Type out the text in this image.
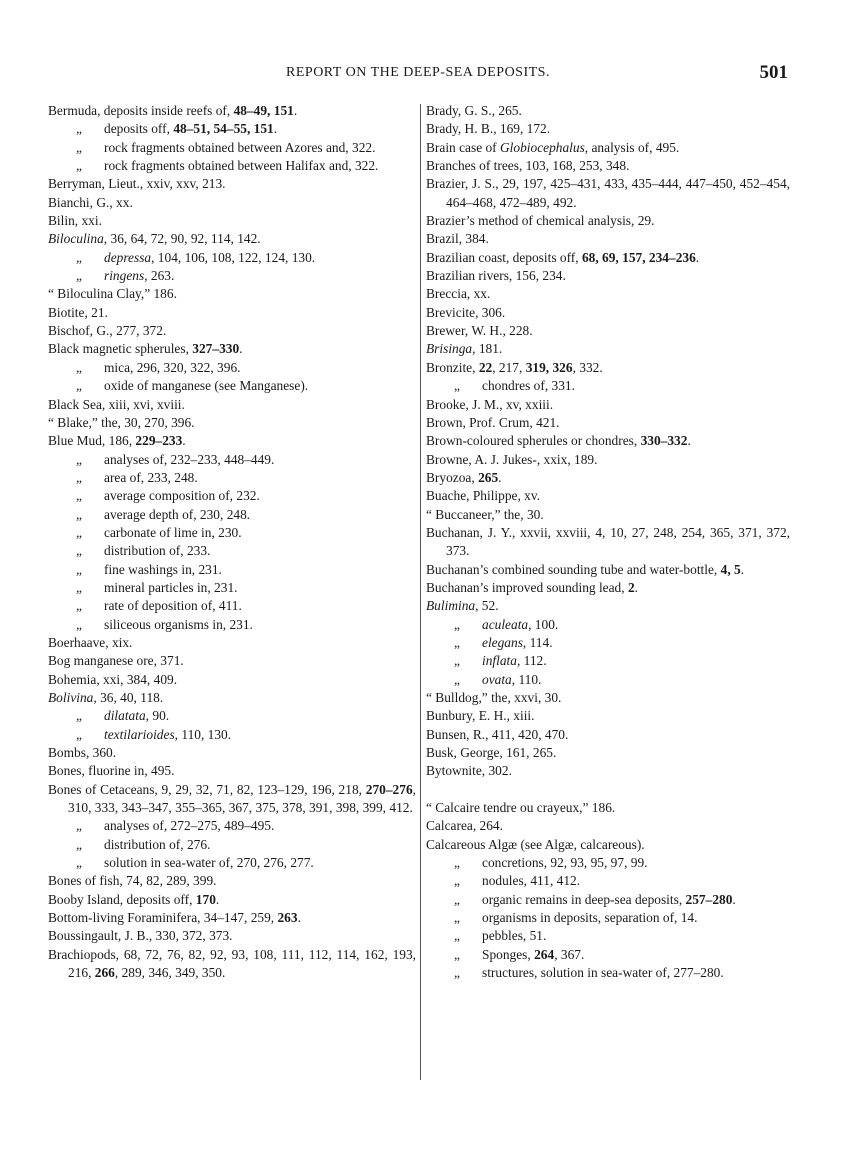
REPORT ON THE DEEP-SEA DEPOSITS.	501
Bermuda, deposits inside reefs of, 48–49, 151.
„ deposits off, 48–51, 54–55, 151.
„ rock fragments obtained between Azores and, 322.
„ rock fragments obtained between Halifax and, 322.
Berryman, Lieut., xxiv, xxv, 213.
Bianchi, G., xx.
Bilin, xxi.
Biloculina, 36, 64, 72, 90, 92, 114, 142.
„ depressa, 104, 106, 108, 122, 124, 130.
„ ringens, 263.
“ Biloculina Clay,” 186.
Biotite, 21.
Bischof, G., 277, 372.
Black magnetic spherules, 327–330.
„ mica, 296, 320, 322, 396.
„ oxide of manganese (see Manganese).
Black Sea, xiii, xvi, xviii.
“ Blake,” the, 30, 270, 396.
Blue Mud, 186, 229–233.
„ analyses of, 232–233, 448–449.
„ area of, 233, 248.
„ average composition of, 232.
„ average depth of, 230, 248.
„ carbonate of lime in, 230.
„ distribution of, 233.
„ fine washings in, 231.
„ mineral particles in, 231.
„ rate of deposition of, 411.
„ siliceous organisms in, 231.
Boerhaave, xix.
Bog manganese ore, 371.
Bohemia, xxi, 384, 409.
Bolivina, 36, 40, 118.
„ dilatata, 90.
„ textilarioides, 110, 130.
Bombs, 360.
Bones, fluorine in, 495.
Bones of Cetaceans, 9, 29, 32, 71, 82, 123–129, 196, 218, 270–276, 310, 333, 343–347, 355–365, 367, 375, 378, 391, 398, 399, 412.
„ analyses of, 272–275, 489–495.
„ distribution of, 276.
„ solution in sea-water of, 270, 276, 277.
Bones of fish, 74, 82, 289, 399.
Booby Island, deposits off, 170.
Bottom-living Foraminifera, 34–147, 259, 263.
Boussingault, J. B., 330, 372, 373.
Brachiopods, 68, 72, 76, 82, 92, 93, 108, 111, 112, 114, 162, 193, 216, 266, 289, 346, 349, 350.
Brady, G. S., 265.
Brady, H. B., 169, 172.
Brain case of Globiocephalus, analysis of, 495.
Branches of trees, 103, 168, 253, 348.
Brazier, J. S., 29, 197, 425–431, 433, 435–444, 447–450, 452–454, 464–468, 472–489, 492.
Brazier’s method of chemical analysis, 29.
Brazil, 384.
Brazilian coast, deposits off, 68, 69, 157, 234–236.
Brazilian rivers, 156, 234.
Breccia, xx.
Brevicite, 306.
Brewer, W. H., 228.
Brisinga, 181.
Bronzite, 22, 217, 319, 326, 332.
„ chondres of, 331.
Brooke, J. M., xv, xxiii.
Brown, Prof. Crum, 421.
Brown-coloured spherules or chondres, 330–332.
Browne, A. J. Jukes-, xxix, 189.
Bryozoa, 265.
Buache, Philippe, xv.
“ Buccaneer,” the, 30.
Buchanan, J. Y., xxvii, xxviii, 4, 10, 27, 248, 254, 365, 371, 372, 373.
Buchanan’s combined sounding tube and water-bottle, 4, 5.
Buchanan’s improved sounding lead, 2.
Bulimina, 52.
„ aculeata, 100.
„ elegans, 114.
„ inflata, 112.
„ ovata, 110.
“ Bulldog,” the, xxvi, 30.
Bunbury, E. H., xiii.
Bunsen, R., 411, 420, 470.
Busk, George, 161, 265.
Bytownite, 302.
“ Calcaire tendre ou crayeux,” 186.
Calcarea, 264.
Calcareous Algæ (see Algæ, calcareous).
„ concretions, 92, 93, 95, 97, 99.
„ nodules, 411, 412.
„ organic remains in deep-sea deposits, 257–280.
„ organisms in deposits, separation of, 14.
„ pebbles, 51.
„ Sponges, 264, 367.
„ structures, solution in sea-water of, 277–280.
